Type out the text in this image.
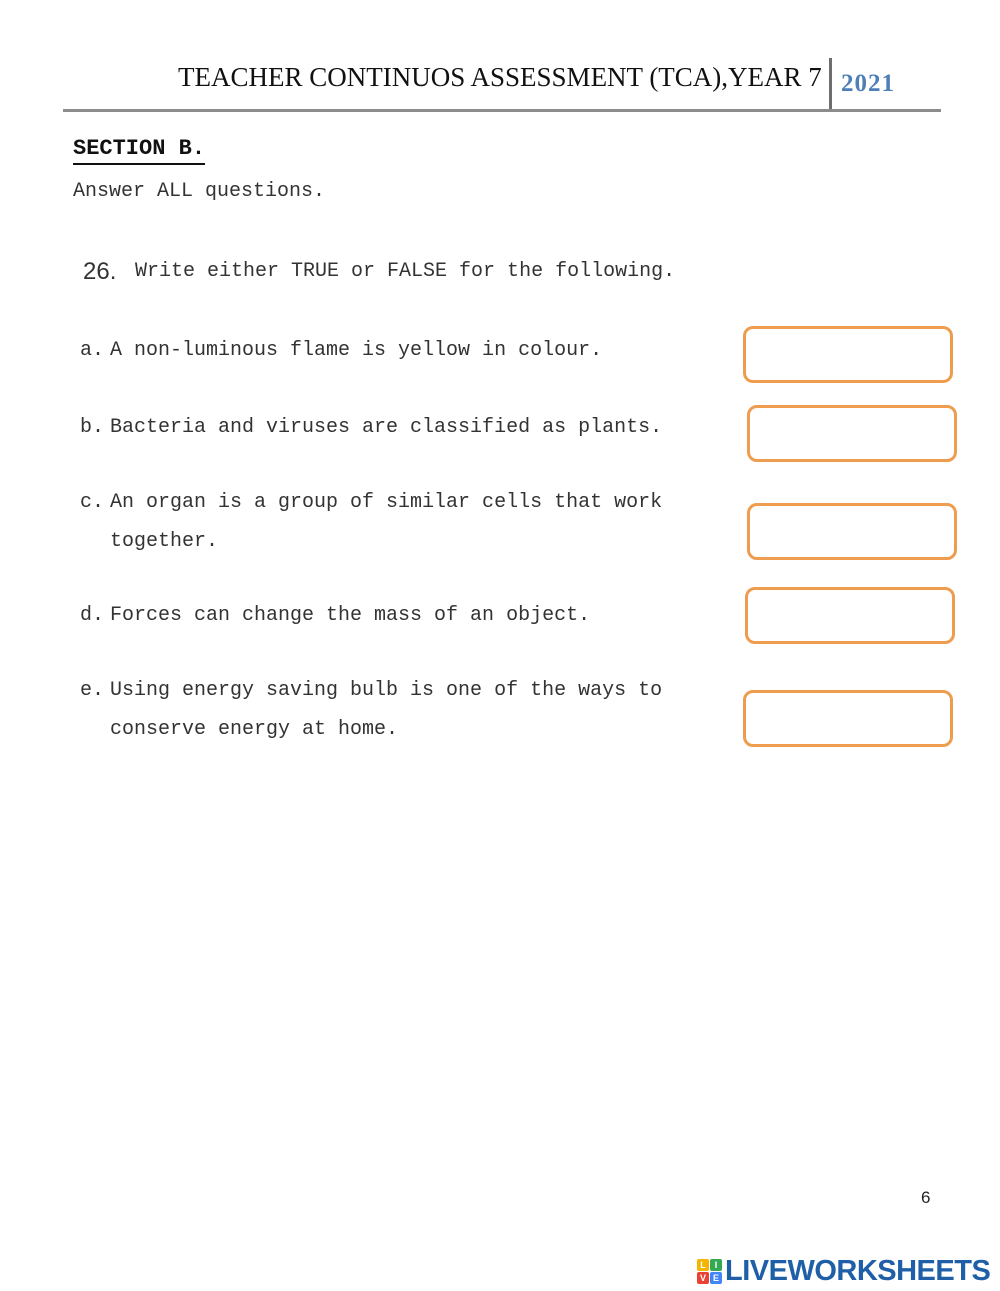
TEACHER CONTINUOS ASSESSMENT (TCA),YEAR 7 2021
SECTION B.
Answer ALL questions.
26. Write either TRUE or FALSE for the following.
a. A non-luminous flame is yellow in colour.
b. Bacteria and viruses are classified as plants.
c. An organ is a group of similar cells that work together.
d. Forces can change the mass of an object.
e. Using energy saving bulb is one of the ways to conserve energy at home.
6
L I
V E LIVEWORKSHEETS
